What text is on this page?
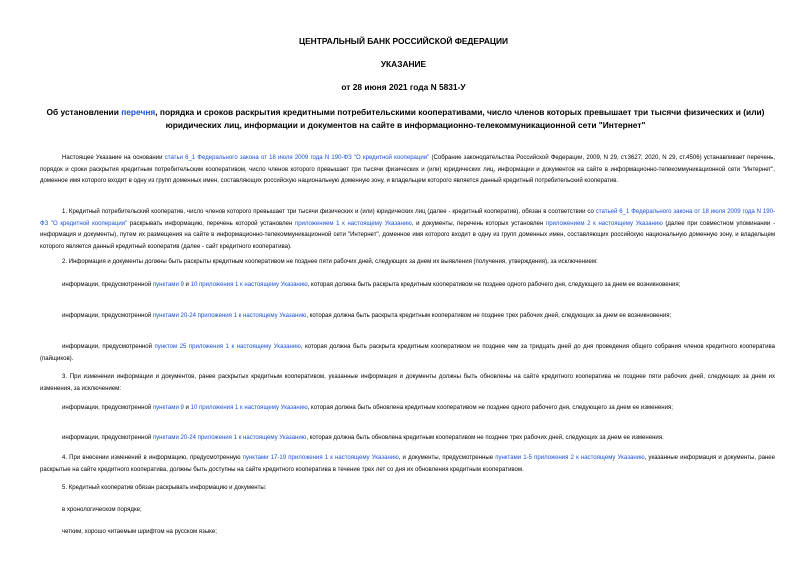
ЦЕНТРАЛЬНЫЙ БАНК РОССИЙСКОЙ ФЕДЕРАЦИИ
УКАЗАНИЕ
от 28 июня 2021 года N 5831-У
Об установлении перечня, порядка и сроков раскрытия кредитными потребительскими кооперативами, число членов которых превышает три тысячи физических и (или) юридических лиц, информации и документов на сайте в информационно-телекоммуникационной сети "Интернет"

Настоящее Указание на основании статьи 6_1 Федерального закона от 18 июля 2009 года N 190-ФЗ "О кредитной кооперации" (Собрание законодательства Российской Федерации, 2009, N 29, ст.3627; 2020, N 29, ст.4506) устанавливает перечень, порядок и сроки раскрытия кредитным потребительским кооперативом, число членов которого превышает три тысячи физических и (или) юридических лиц, информации и документов на сайте в информационно-телекоммуникационной сети "Интернет", доменное имя которого входит в одну из групп доменных имен, составляющих российскую национальную доменную зону, и владельцем которого является данный кредитный потребительский кооператив.

1. Кредитный потребительский кооператив, число членов которого превышает три тысячи физических и (или) юридических лиц (далее - кредитный кооператив), обязан в соответствии со статьей 6_1 Федерального закона от 18 июля 2009 года N 190-ФЗ "О кредитной кооперации" раскрывать информацию, перечень которой установлен приложением 1 к настоящему Указанию, и документы, перечень которых установлен приложением 2 к настоящему Указанию (далее при совместном упоминании - информация и документы), путем их размещения на сайте в информационно-телекоммуникационной сети "Интернет", доменное имя которого входит в одну из групп доменных имен, составляющих российскую национальную доменную зону, и владельцем которого является данный кредитный кооператив (далее - сайт кредитного кооператива).

2. Информация и документы должны быть раскрыты кредитным кооперативом не позднее пяти рабочих дней, следующих за днем их выявления (получения, утверждения), за исключением:

информации, предусмотренной пунктами 9 и 10 приложения 1 к настоящему Указанию, которая должна быть раскрыта кредитным кооперативом не позднее одного рабочего дня, следующего за днем ее возникновения;

информации, предусмотренной пунктами 20-24 приложения 1 к настоящему Указанию, которая должна быть раскрыта кредитным кооперативом не позднее трех рабочих дней, следующих за днем ее возникновения;

информации, предусмотренной пунктом 25 приложения 1 к настоящему Указанию, которая должна быть раскрыта кредитным кооперативом не позднее чем за тридцать дней до дня проведения общего собрания членов кредитного кооператива (пайщиков).

3. При изменении информации и документов, ранее раскрытых кредитным кооперативом, указанные информация и документы должны быть обновлены на сайте кредитного кооператива не позднее пяти рабочих дней, следующих за днем их изменения, за исключением:

информации, предусмотренной пунктами 9 и 10 приложения 1 к настоящему Указанию, которая должна быть обновлена кредитным кооперативом не позднее одного рабочего дня, следующего за днем ее изменения;

информации, предусмотренной пунктами 20-24 приложения 1 к настоящему Указанию, которая должна быть обновлена кредитным кооперативом не позднее трех рабочих дней, следующих за днем ее изменения.

4. При внесении изменений в информацию, предусмотренную пунктами 17-19 приложения 1 к настоящему Указанию, и документы, предусмотренные пунктами 1-5 приложения 2 к настоящему Указанию, указанные информация и документы, ранее раскрытые на сайте кредитного кооператива, должны быть доступны на сайте кредитного кооператива в течение трех лет со дня их обновления кредитным кооперативом.

5. Кредитный кооператив обязан раскрывать информацию и документы:

в хронологическом порядке;

четким, хорошо читаемым шрифтом на русском языке;
